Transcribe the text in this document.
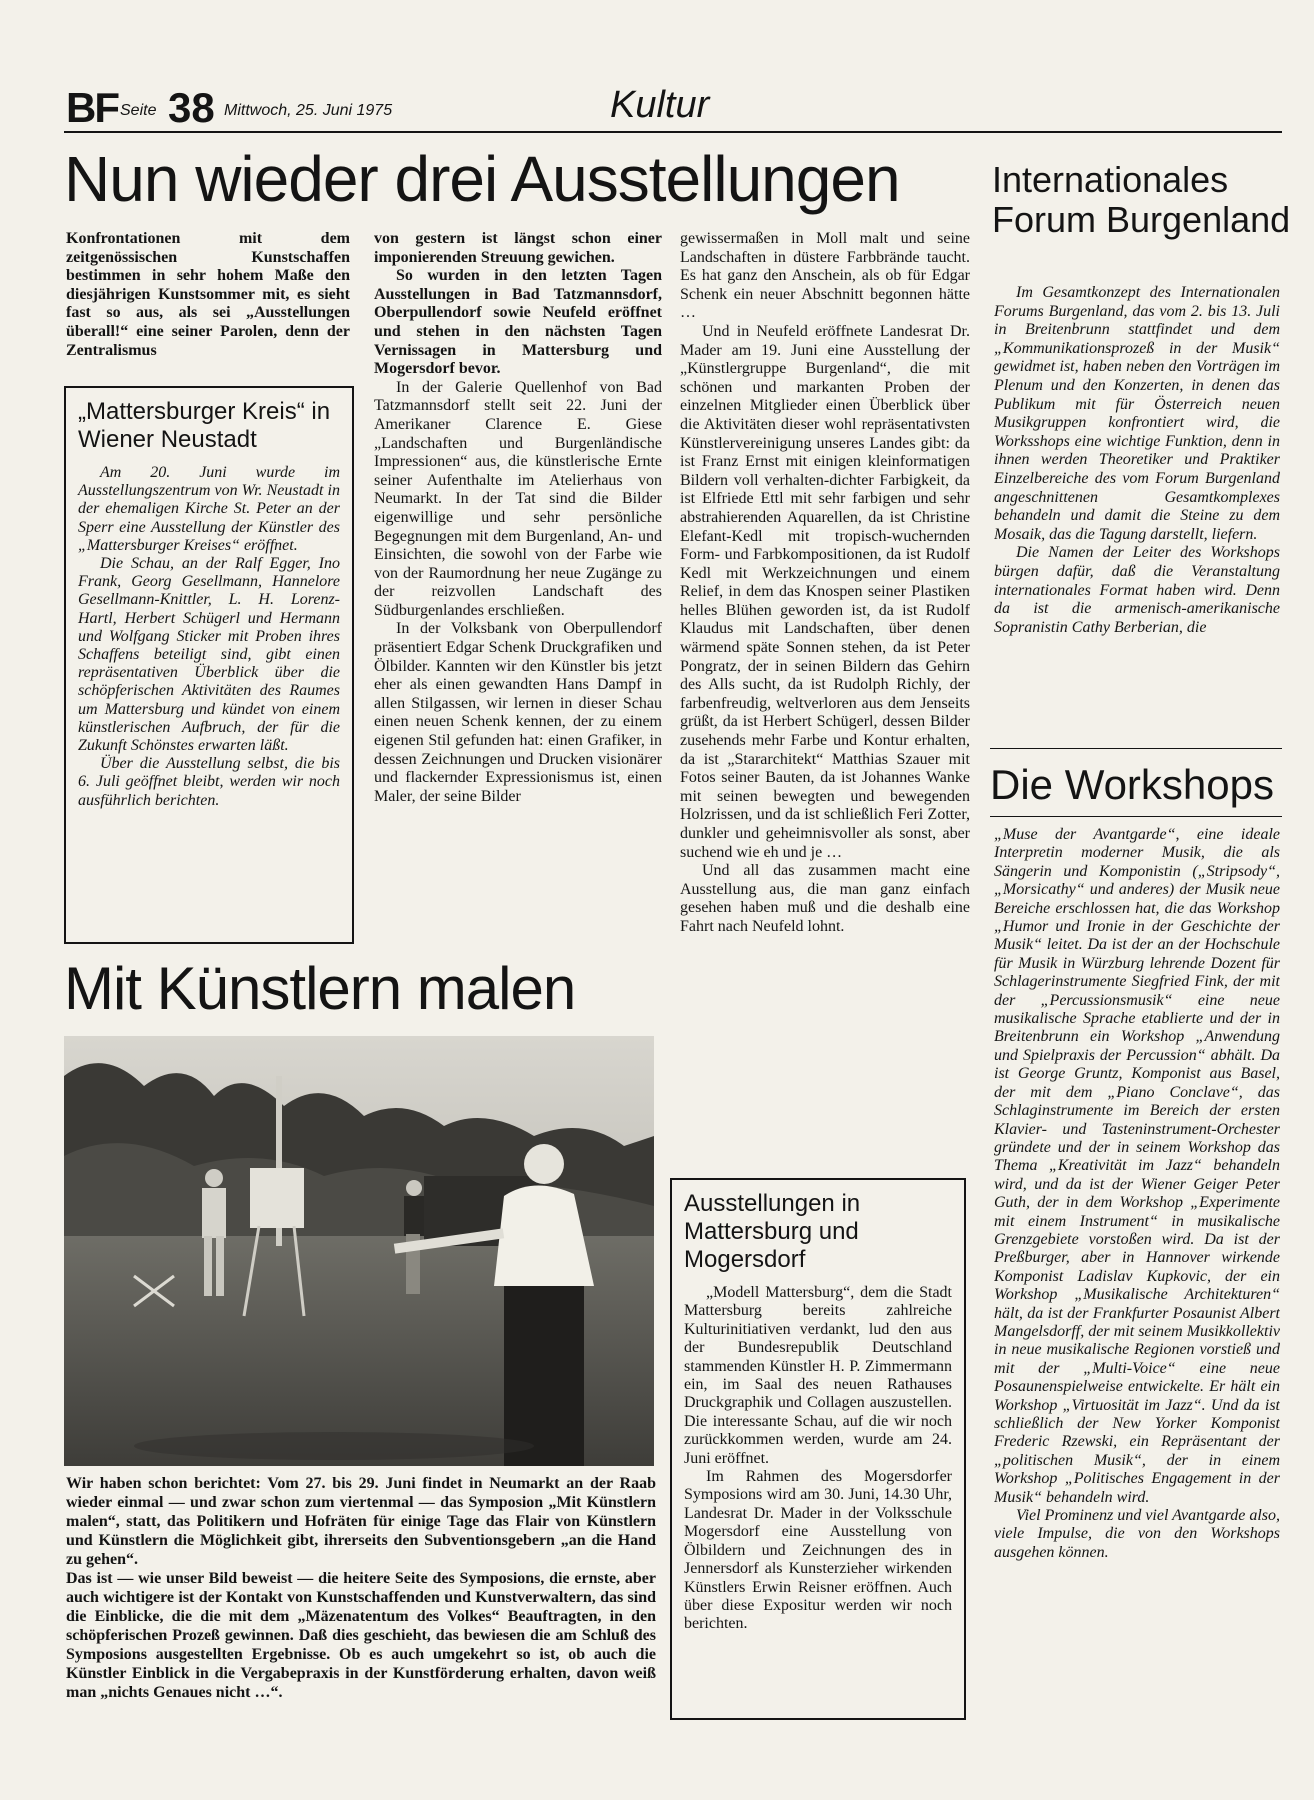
BF Seite 38 Mittwoch, 25. Juni 1975	Kultur
Nun wieder drei Ausstellungen

Konfrontationen mit dem zeitgenössischen Kunstschaffen bestimmen in sehr hohem Maße den diesjährigen Kunstsommer mit, es sieht fast so aus, als sei „Ausstellungen überall!“ eine seiner Parolen, denn der Zentralismus

„Mattersburger Kreis“ in Wiener Neustadt

Am 20. Juni wurde im Ausstellungszentrum von Wr. Neustadt in der ehemaligen Kirche St. Peter an der Sperr eine Ausstellung der Künstler des „Mattersburger Kreises“ eröffnet.

Die Schau, an der Ralf Egger, Ino Frank, Georg Gesellmann, Hannelore Gesellmann-Knittler, L. H. Lorenz-Hartl, Herbert Schügerl und Hermann und Wolfgang Sticker mit Proben ihres Schaffens beteiligt sind, gibt einen repräsentativen Überblick über die schöpferischen Aktivitäten des Raumes um Mattersburg und kündet von einem künstlerischen Aufbruch, der für die Zukunft Schönstes erwarten läßt.

Über die Ausstellung selbst, die bis 6. Juli geöffnet bleibt, werden wir noch ausführlich berichten.

von gestern ist längst schon einer imponierenden Streuung gewichen.

So wurden in den letzten Tagen Ausstellungen in Bad Tatzmannsdorf, Oberpullendorf sowie Neufeld eröffnet und stehen in den nächsten Tagen Vernissagen in Mattersburg und Mogersdorf bevor.

In der Galerie Quellenhof von Bad Tatzmannsdorf stellt seit 22. Juni der Amerikaner Clarence E. Giese „Landschaften und Burgenländische Impressionen“ aus, die künstlerische Ernte seiner Aufenthalte im Atelierhaus von Neumarkt. In der Tat sind die Bilder eigenwillige und sehr persönliche Begegnungen mit dem Burgenland, An- und Einsichten, die sowohl von der Farbe wie von der Raumordnung her neue Zugänge zu der reizvollen Landschaft des Südburgenlandes erschließen.

In der Volksbank von Oberpullendorf präsentiert Edgar Schenk Druckgrafiken und Ölbilder. Kannten wir den Künstler bis jetzt eher als einen gewandten Hans Dampf in allen Stilgassen, wir lernen in dieser Schau einen neuen Schenk kennen, der zu einem eigenen Stil gefunden hat: einen Grafiker, in dessen Zeichnungen und Drucken visionärer und flackernder Expressionismus ist, einen Maler, der seine Bilder

gewissermaßen in Moll malt und seine Landschaften in düstere Farbbrände taucht. Es hat ganz den Anschein, als ob für Edgar Schenk ein neuer Abschnitt begonnen hätte …

Und in Neufeld eröffnete Landesrat Dr. Mader am 19. Juni eine Ausstellung der „Künstlergruppe Burgenland“, die mit schönen und markanten Proben der einzelnen Mitglieder einen Überblick über die Aktivitäten dieser wohl repräsentativsten Künstlervereinigung unseres Landes gibt: da ist Franz Ernst mit einigen kleinformatigen Bildern voll verhalten-dichter Farbigkeit, da ist Elfriede Ettl mit sehr farbigen und sehr abstrahierenden Aquarellen, da ist Christine Elefant-Kedl mit tropisch-wuchernden Form- und Farbkompositionen, da ist Rudolf Kedl mit Werkzeichnungen und einem Relief, in dem das Knospen seiner Plastiken helles Blühen geworden ist, da ist Rudolf Klaudus mit Landschaften, über denen wärmend späte Sonnen stehen, da ist Peter Pongratz, der in seinen Bildern das Gehirn des Alls sucht, da ist Rudolph Richly, der farbenfreudig, weltverloren aus dem Jenseits grüßt, da ist Herbert Schügerl, dessen Bilder zusehends mehr Farbe und Kontur erhalten, da ist „Stararchitekt“ Matthias Szauer mit Fotos seiner Bauten, da ist Johannes Wanke mit seinen bewegten und bewegenden Holzrissen, und da ist schließlich Feri Zotter, dunkler und geheimnisvoller als sonst, aber suchend wie eh und je …

Und all das zusammen macht eine Ausstellung aus, die man ganz einfach gesehen haben muß und die deshalb eine Fahrt nach Neufeld lohnt.

Mit Künstlern malen

Wir haben schon berichtet: Vom 27. bis 29. Juni findet in Neumarkt an der Raab wieder einmal — und zwar schon zum viertenmal — das Symposion „Mit Künstlern malen“, statt, das Politikern und Hofräten für einige Tage das Flair von Künstlern und Künstlern die Möglichkeit gibt, ihrerseits den Subventionsgebern „an die Hand zu gehen“.

Das ist — wie unser Bild beweist — die heitere Seite des Symposions, die ernste, aber auch wichtigere ist der Kontakt von Kunstschaffenden und Kunstverwaltern, das sind die Einblicke, die die mit dem „Mäzenatentum des Volkes“ Beauftragten, in den schöpferischen Prozeß gewinnen. Daß dies geschieht, das bewiesen die am Schluß des Symposions ausgestellten Ergebnisse. Ob es auch umgekehrt so ist, ob auch die Künstler Einblick in die Vergabepraxis in der Kunstförderung erhalten, davon weiß man „nichts Genaues nicht …“.

Ausstellungen in Mattersburg und Mogersdorf

„Modell Mattersburg“, dem die Stadt Mattersburg bereits zahlreiche Kulturinitiativen verdankt, lud den aus der Bundesrepublik Deutschland stammenden Künstler H. P. Zimmermann ein, im Saal des neuen Rathauses Druckgraphik und Collagen auszustellen. Die interessante Schau, auf die wir noch zurückkommen werden, wurde am 24. Juni eröffnet.

Im Rahmen des Mogersdorfer Symposions wird am 30. Juni, 14.30 Uhr, Landesrat Dr. Mader in der Volksschule Mogersdorf eine Ausstellung von Ölbildern und Zeichnungen des in Jennersdorf als Kunsterzieher wirkenden Künstlers Erwin Reisner eröffnen. Auch über diese Expositur werden wir noch berichten.

Internationales Forum Burgenland

Im Gesamtkonzept des Internationalen Forums Burgenland, das vom 2. bis 13. Juli in Breitenbrunn stattfindet und dem „Kommunikationsprozeß in der Musik“ gewidmet ist, haben neben den Vorträgen im Plenum und den Konzerten, in denen das Publikum mit für Österreich neuen Musikgruppen konfrontiert wird, die Worksshops eine wichtige Funktion, denn in ihnen werden Theoretiker und Praktiker Einzelbereiche des vom Forum Burgenland angeschnittenen Gesamtkomplexes behandeln und damit die Steine zu dem Mosaik, das die Tagung darstellt, liefern.

Die Namen der Leiter des Workshops bürgen dafür, daß die Veranstaltung internationales Format haben wird. Denn da ist die armenisch-amerikanische Sopranistin Cathy Berberian, die

Die Workshops

„Muse der Avantgarde“, eine ideale Interpretin moderner Musik, die als Sängerin und Komponistin („Stripsody“, „Morsicathy“ und anderes) der Musik neue Bereiche erschlossen hat, die das Workshop „Humor und Ironie in der Geschichte der Musik“ leitet. Da ist der an der Hochschule für Musik in Würzburg lehrende Dozent für Schlagerinstrumente Siegfried Fink, der mit der „Percussionsmusik“ eine neue musikalische Sprache etablierte und der in Breitenbrunn ein Workshop „Anwendung und Spielpraxis der Percussion“ abhält. Da ist George Gruntz, Komponist aus Basel, der mit dem „Piano Conclave“, das Schlaginstrumente im Bereich der ersten Klavier- und Tasteninstrument-Orchester gründete und der in seinem Workshop das Thema „Kreativität im Jazz“ behandeln wird, und da ist der Wiener Geiger Peter Guth, der in dem Workshop „Experimente mit einem Instrument“ in musikalische Grenzgebiete vorstoßen wird. Da ist der Preßburger, aber in Hannover wirkende Komponist Ladislav Kupkovic, der ein Workshop „Musikalische Architekturen“ hält, da ist der Frankfurter Posaunist Albert Mangelsdorff, der mit seinem Musikkollektiv in neue musikalische Regionen vorstieß und mit der „Multi-Voice“ eine neue Posaunenspielweise entwickelte. Er hält ein Workshop „Virtuosität im Jazz“. Und da ist schließlich der New Yorker Komponist Frederic Rzewski, ein Repräsentant der „politischen Musik“, der in einem Workshop „Politisches Engagement in der Musik“ behandeln wird.

Viel Prominenz und viel Avantgarde also, viele Impulse, die von den Workshops ausgehen können.
